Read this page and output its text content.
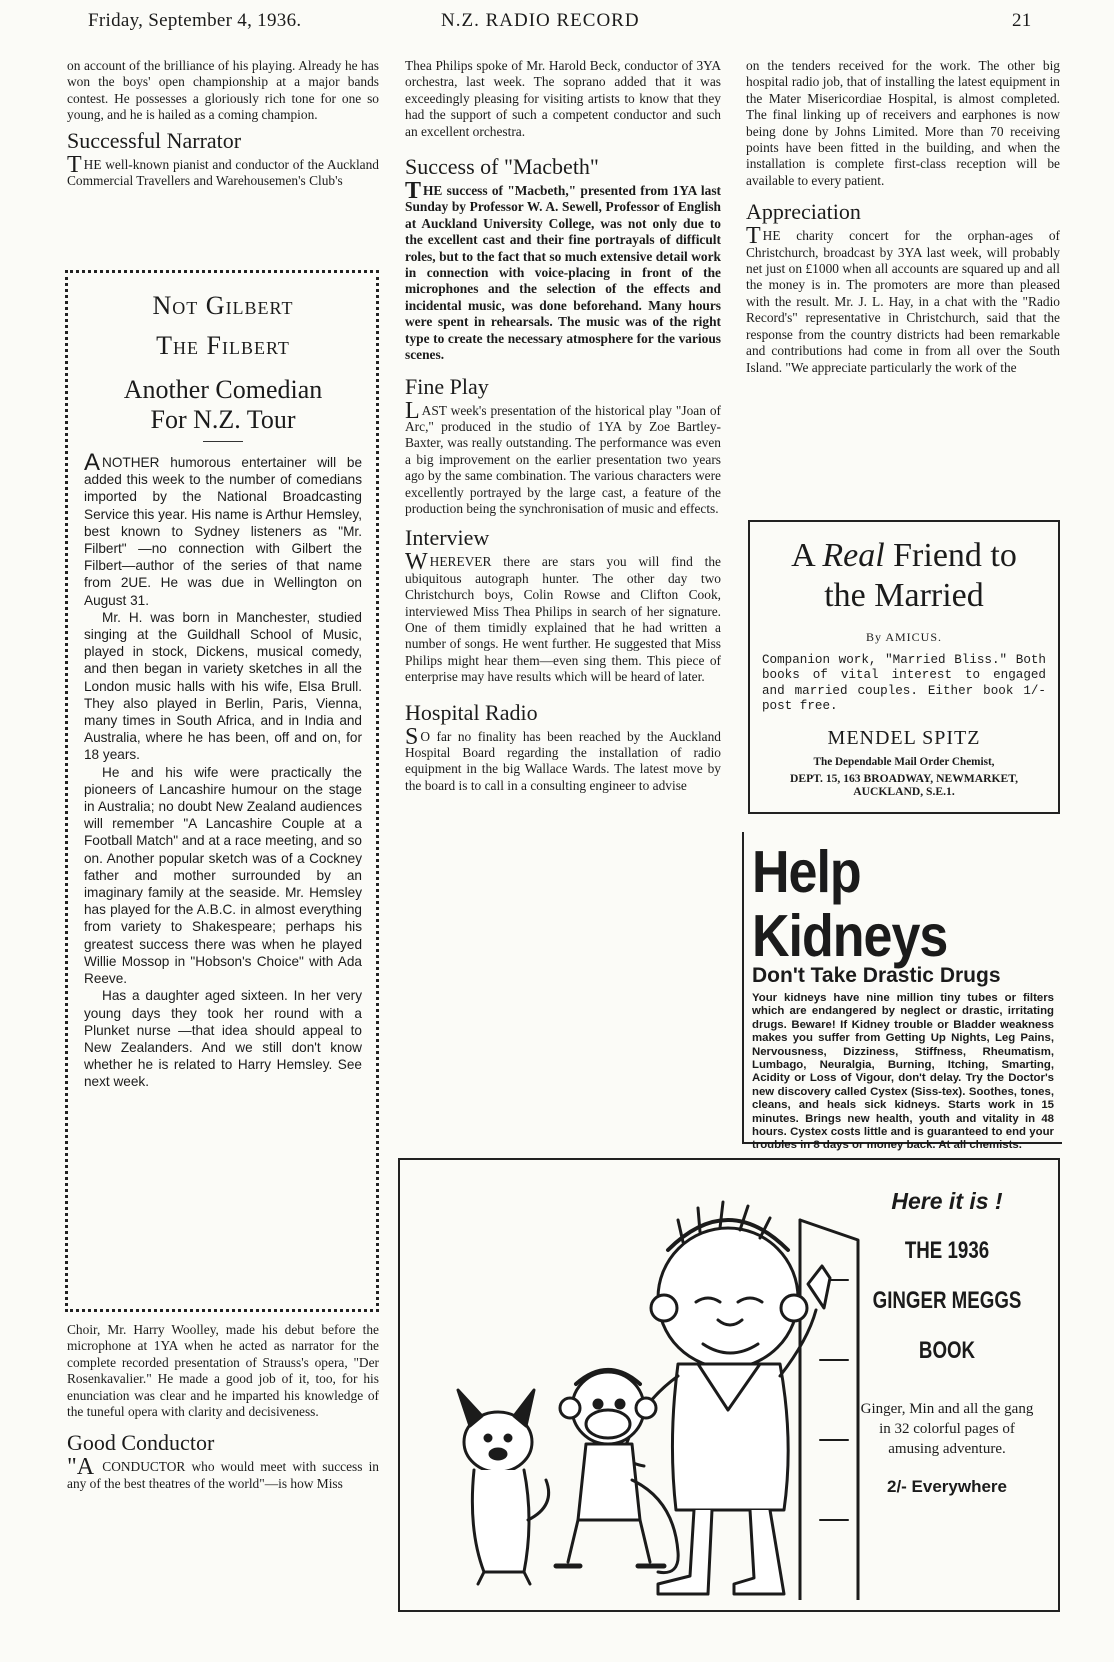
Friday, September 4, 1936.	N.Z. RADIO RECORD	21

on account of the brilliance of his playing. Already he has won the boys' open championship at a major bands contest. He possesses a gloriously rich tone for one so young, and he is hailed as a coming champion.

Successful Narrator

THE well-known pianist and conductor of the Auckland Commercial Travellers and Warehousemen's Club's

Not Gilbert
The Filbert
Another Comedian
For N.Z. Tour

ANOTHER humorous entertainer will be added this week to the number of comedians imported by the National Broadcasting Service this year. His name is Arthur Hemsley, best known to Sydney listeners as "Mr. Filbert" —no connection with Gilbert the Filbert—author of the series of that name from 2UE. He was due in Wellington on August 31.

Mr. H. was born in Manchester, studied singing at the Guildhall School of Music, played in stock, Dickens, musical comedy, and then began in variety sketches in all the London music halls with his wife, Elsa Brull. They also played in Berlin, Paris, Vienna, many times in South Africa, and in India and Australia, where he has been, off and on, for 18 years.

He and his wife were practically the pioneers of Lancashire humour on the stage in Australia; no doubt New Zealand audiences will remember "A Lancashire Couple at a Football Match" and at a race meeting, and so on. Another popular sketch was of a Cockney father and mother surrounded by an imaginary family at the seaside. Mr. Hemsley has played for the A.B.C. in almost everything from variety to Shakespeare; perhaps his greatest success there was when he played Willie Mossop in "Hobson's Choice" with Ada Reeve.

Has a daughter aged sixteen. In her very young days they took her round with a Plunket nurse —that idea should appeal to New Zealanders. And we still don't know whether he is related to Harry Hemsley. See next week.

Choir, Mr. Harry Woolley, made his debut before the microphone at 1YA when he acted as narrator for the complete recorded presentation of Strauss's opera, "Der Rosenkavalier." He made a good job of it, too, for his enunciation was clear and he imparted his knowledge of the tuneful opera with clarity and decisiveness.

Good Conductor

"A CONDUCTOR who would meet with success in any of the best theatres of the world"—is how Miss

Thea Philips spoke of Mr. Harold Beck, conductor of 3YA orchestra, last week. The soprano added that it was exceedingly pleasing for visiting artists to know that they had the support of such a competent conductor and such an excellent orchestra.

Success of "Macbeth"

THE success of "Macbeth," presented from 1YA last Sunday by Professor W. A. Sewell, Professor of English at Auckland University College, was not only due to the excellent cast and their fine portrayals of difficult roles, but to the fact that so much extensive detail work in connection with voice-placing in front of the microphones and the selection of the effects and incidental music, was done beforehand. Many hours were spent in rehearsals. The music was of the right type to create the necessary atmosphere for the various scenes.

Fine Play

LAST week's presentation of the historical play "Joan of Arc," produced in the studio of 1YA by Zoe Bartley-Baxter, was really outstanding. The performance was even a big improvement on the earlier presentation two years ago by the same combination. The various characters were excellently portrayed by the large cast, a feature of the production being the synchronisation of music and effects.

Interview

WHEREVER there are stars you will find the ubiquitous autograph hunter. The other day two Christchurch boys, Colin Rowse and Clifton Cook, interviewed Miss Thea Philips in search of her signature. One of them timidly explained that he had written a number of songs. He went further. He suggested that Miss Philips might hear them—even sing them. This piece of enterprise may have results which will be heard of later.

Hospital Radio

S O far no finality has been reached by the Auckland Hospital Board regarding the installation of radio equipment in the big Wallace Wards. The latest move by the board is to call in a consulting engineer to advise

on the tenders received for the work. The other big hospital radio job, that of installing the latest equipment in the Mater Misericordiae Hospital, is almost completed. The final linking up of receivers and earphones is now being done by Johns Limited. More than 70 receiving points have been fitted in the building, and when the installation is complete first-class reception will be available to every patient.

Appreciation

THE charity concert for the orphan-ages of Christchurch, broadcast by 3YA last week, will probably net just on £1000 when all accounts are squared up and all the money is in. The promoters are more than pleased with the result. Mr. J. L. Hay, in a chat with the "Radio Record's" representative in Christchurch, said that the response from the country districts had been remarkable and contributions had come in from all over the South Island. "We appreciate particularly the work of the

A Real Friend to
the Married
By AMICUS.
Companion work, "Married Bliss." Both books of vital interest to engaged and married couples. Either book 1/- post free.
MENDEL SPITZ
The Dependable Mail Order Chemist,
DEPT. 15, 163 BROADWAY, NEWMARKET, AUCKLAND, S.E.1.
Help Kidneys
Don't Take Drastic Drugs
Your kidneys have nine million tiny tubes or filters which are endangered by neglect or drastic, irritating drugs. Beware! If Kidney trouble or Bladder weakness makes you suffer from Getting Up Nights, Leg Pains, Nervousness, Dizziness, Stiffness, Rheumatism, Lumbago, Neuralgia, Burning, Itching, Smarting, Acidity or Loss of Vigour, don't delay. Try the Doctor's new discovery called Cystex (Siss-tex). Soothes, tones, cleans, and heals sick kidneys. Starts work in 15 minutes. Brings new health, youth and vitality in 48 hours. Cystex costs little and is guaranteed to end your troubles in 8 days or money back. At all chemists.
Here it is !
THE 1936
GINGER MEGGS
BOOK
Ginger, Min and all the gang in 32 colorful pages of amusing adventure.
2/- Everywhere
